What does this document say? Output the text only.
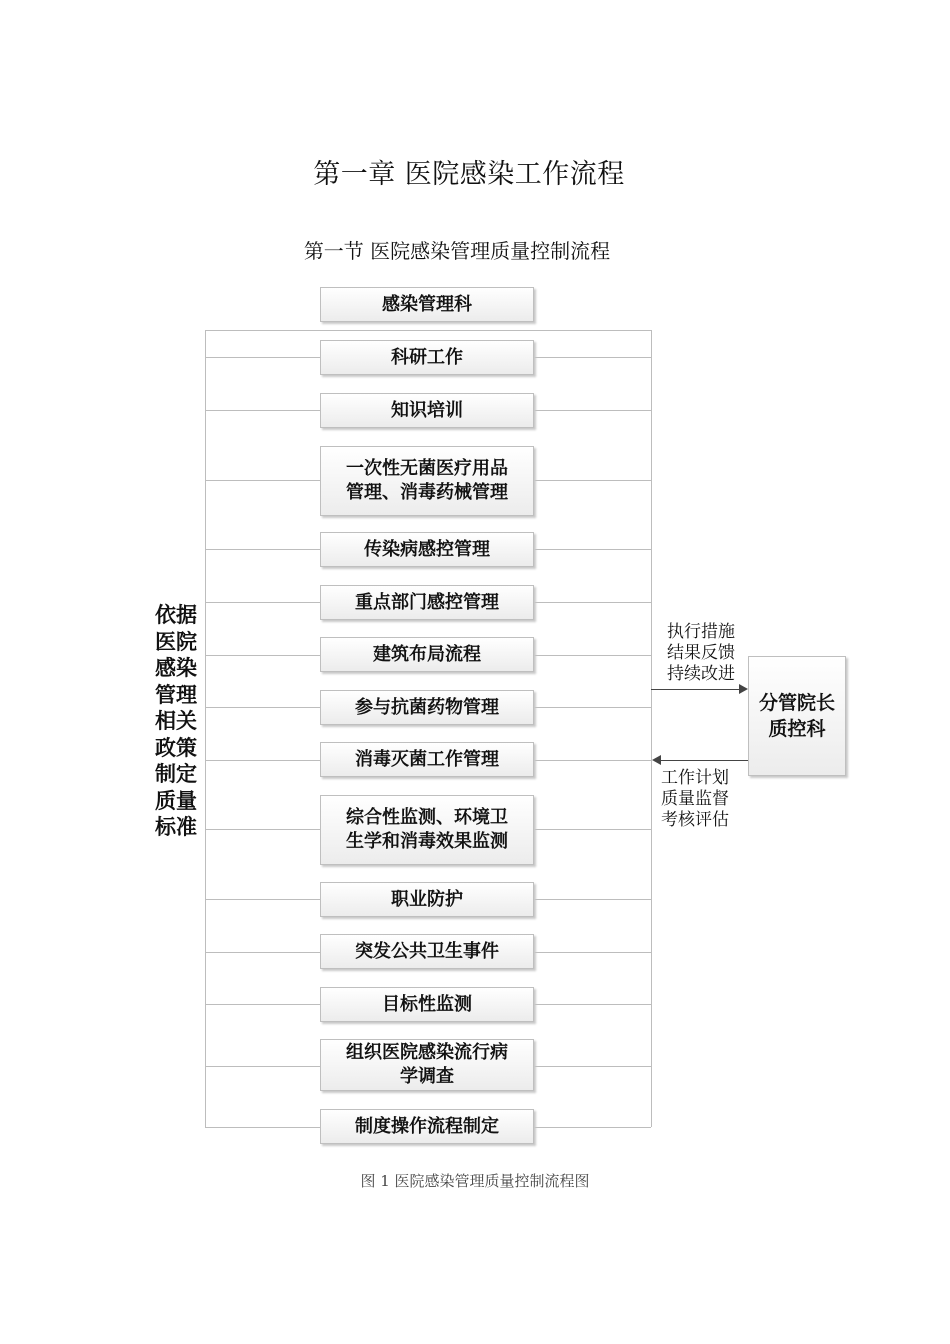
第一章 医院感染工作流程
第一节 医院感染管理质量控制流程
感染管理科
科研工作
知识培训
一次性无菌医疗用品
管理、消毒药械管理
传染病感控管理
重点部门感控管理
建筑布局流程
参与抗菌药物管理
消毒灭菌工作管理
综合性监测、环境卫
生学和消毒效果监测
职业防护
突发公共卫生事件
目标性监测
组织医院感染流行病
学调查
制度操作流程制定
依据
医院
感染
管理
相关
政策
制定
质量
标准
分管院长
质控科
执行措施
结果反馈
持续改进
工作计划
质量监督
考核评估
图 1 医院感染管理质量控制流程图
